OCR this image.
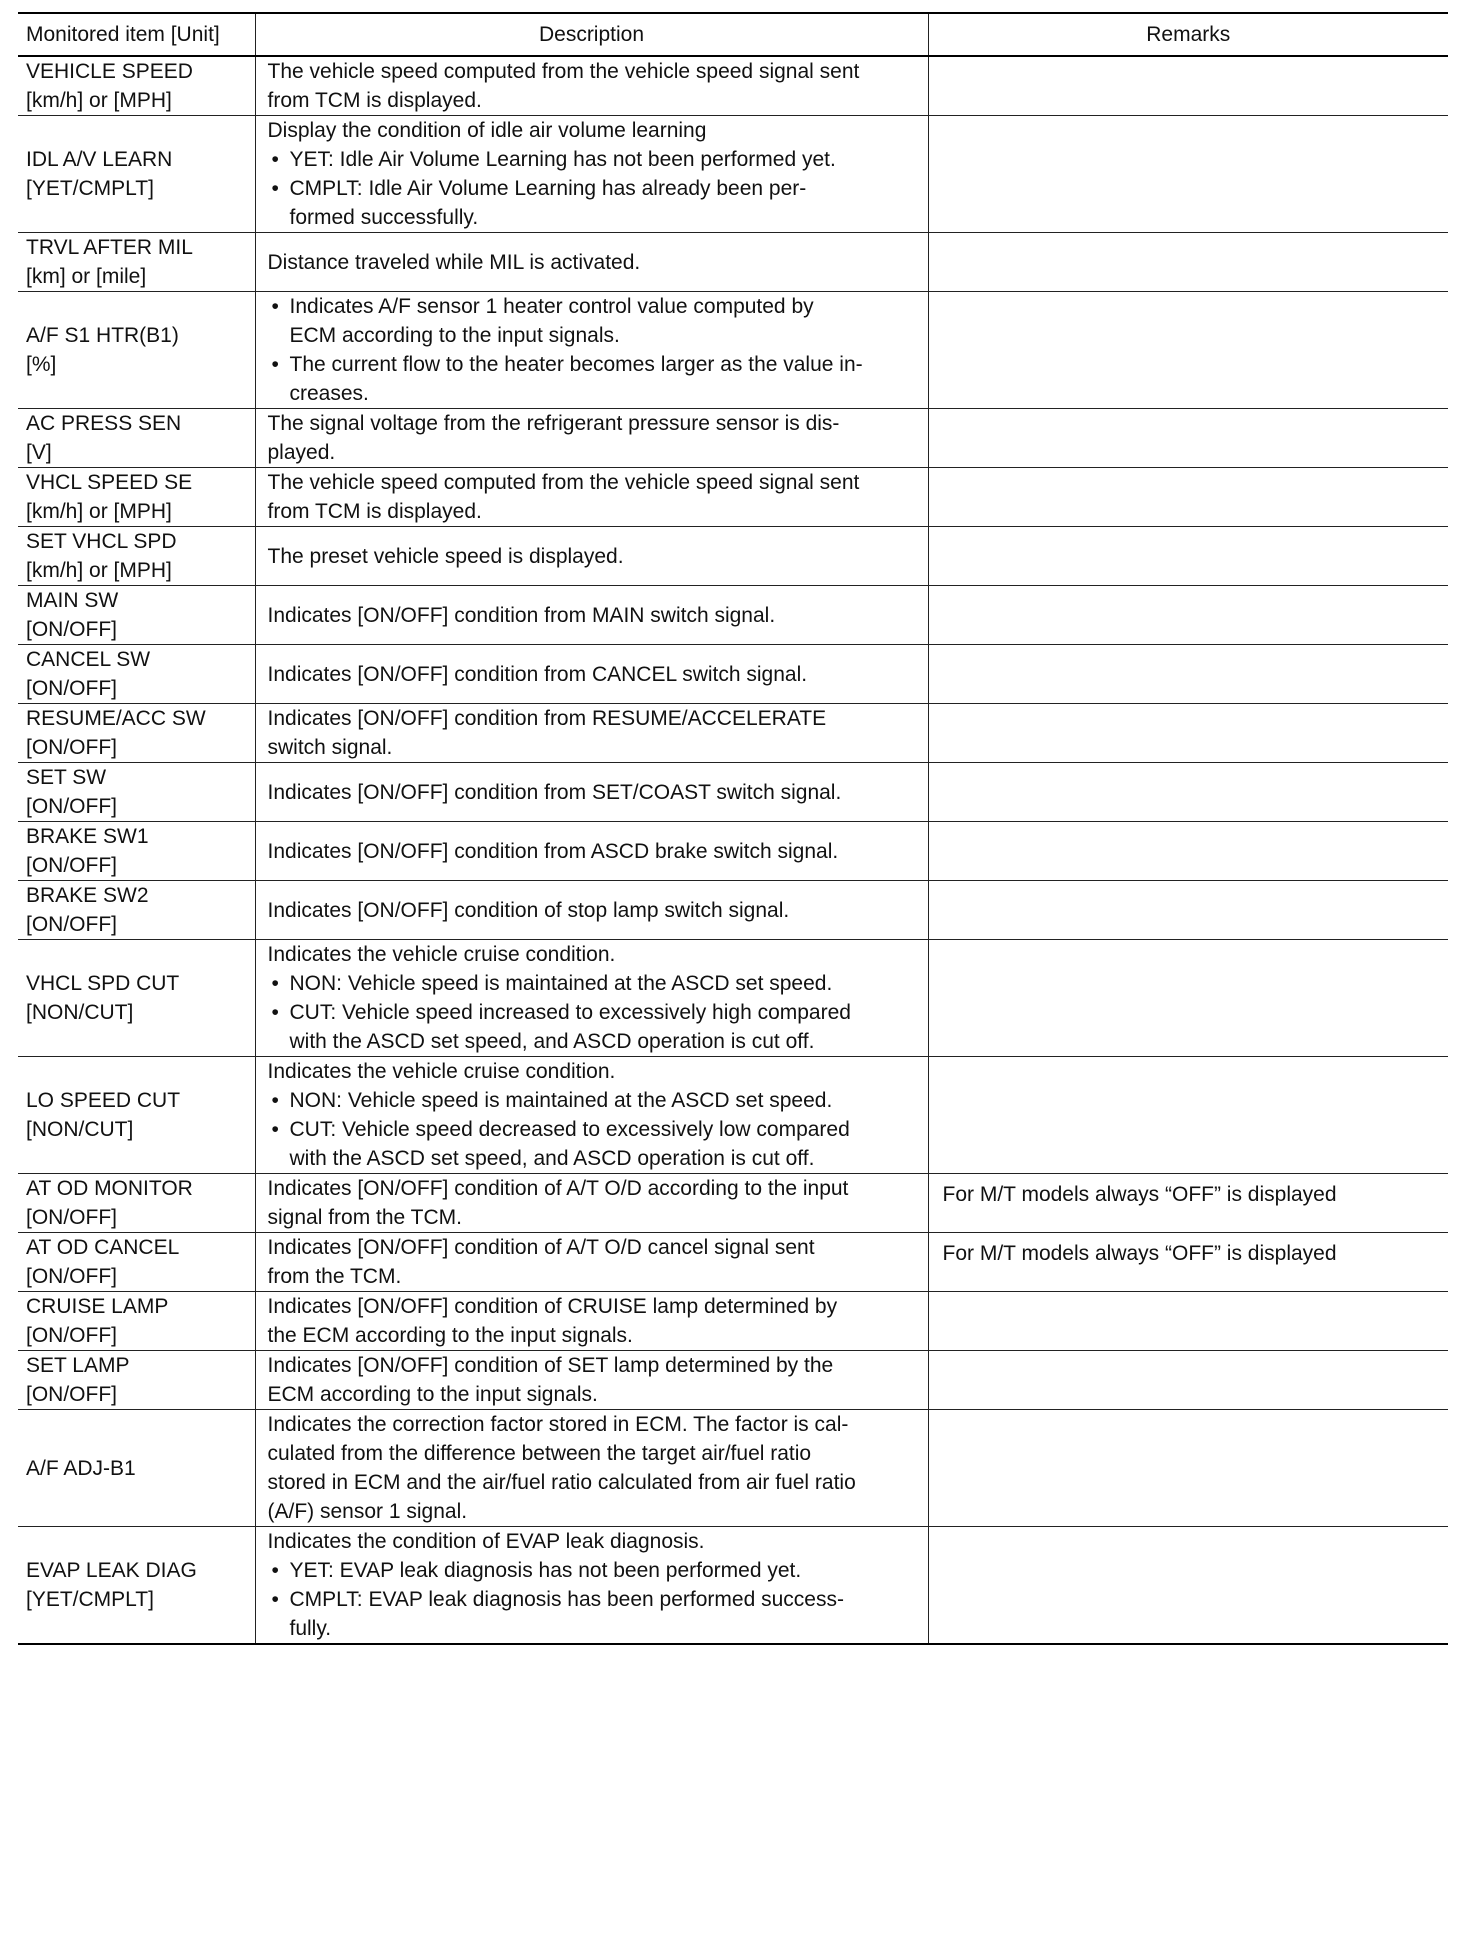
Monitored item [Unit]	Description	Remarks

VEHICLE SPEED
[km/h] or [MPH]	The vehicle speed computed from the vehicle speed signal sent
from TCM is displayed.	

IDL A/V LEARN
[YET/CMPLT]	Display the condition of idle air volume learning
• YET: Idle Air Volume Learning has not been performed yet.
• CMPLT: Idle Air Volume Learning has already been per-
formed successfully.

TRVL AFTER MIL
[km] or [mile]	Distance traveled while MIL is activated.	

A/F S1 HTR(B1)
[%]	• Indicates A/F sensor 1 heater control value computed by
ECM according to the input signals.
• The current flow to the heater becomes larger as the value in-
creases.

AC PRESS SEN
[V]	The signal voltage from the refrigerant pressure sensor is dis-
played.	

VHCL SPEED SE
[km/h] or [MPH]	The vehicle speed computed from the vehicle speed signal sent
from TCM is displayed.	

SET VHCL SPD
[km/h] or [MPH]	The preset vehicle speed is displayed.	

MAIN SW
[ON/OFF]	Indicates [ON/OFF] condition from MAIN switch signal.	

CANCEL SW
[ON/OFF]	Indicates [ON/OFF] condition from CANCEL switch signal.	

RESUME/ACC SW
[ON/OFF]	Indicates [ON/OFF] condition from RESUME/ACCELERATE
switch signal.	

SET SW
[ON/OFF]	Indicates [ON/OFF] condition from SET/COAST switch signal.	

BRAKE SW1
[ON/OFF]	Indicates [ON/OFF] condition from ASCD brake switch signal.	

BRAKE SW2
[ON/OFF]	Indicates [ON/OFF] condition of stop lamp switch signal.	

VHCL SPD CUT
[NON/CUT]	Indicates the vehicle cruise condition.
• NON: Vehicle speed is maintained at the ASCD set speed.
• CUT: Vehicle speed increased to excessively high compared
with the ASCD set speed, and ASCD operation is cut off.

LO SPEED CUT
[NON/CUT]	Indicates the vehicle cruise condition.
• NON: Vehicle speed is maintained at the ASCD set speed.
• CUT: Vehicle speed decreased to excessively low compared
with the ASCD set speed, and ASCD operation is cut off.

AT OD MONITOR
[ON/OFF]	Indicates [ON/OFF] condition of A/T O/D according to the input
signal from the TCM.	For M/T models always “OFF” is displayed

AT OD CANCEL
[ON/OFF]	Indicates [ON/OFF] condition of A/T O/D cancel signal sent
from the TCM.	For M/T models always “OFF” is displayed

CRUISE LAMP
[ON/OFF]	Indicates [ON/OFF] condition of CRUISE lamp determined by
the ECM according to the input signals.	

SET LAMP
[ON/OFF]	Indicates [ON/OFF] condition of SET lamp determined by the
ECM according to the input signals.	

A/F ADJ-B1	Indicates the correction factor stored in ECM. The factor is cal-
culated from the difference between the target air/fuel ratio
stored in ECM and the air/fuel ratio calculated from air fuel ratio
(A/F) sensor 1 signal.	

EVAP LEAK DIAG
[YET/CMPLT]	Indicates the condition of EVAP leak diagnosis.
• YET: EVAP leak diagnosis has not been performed yet.
• CMPLT: EVAP leak diagnosis has been performed success-
fully.
